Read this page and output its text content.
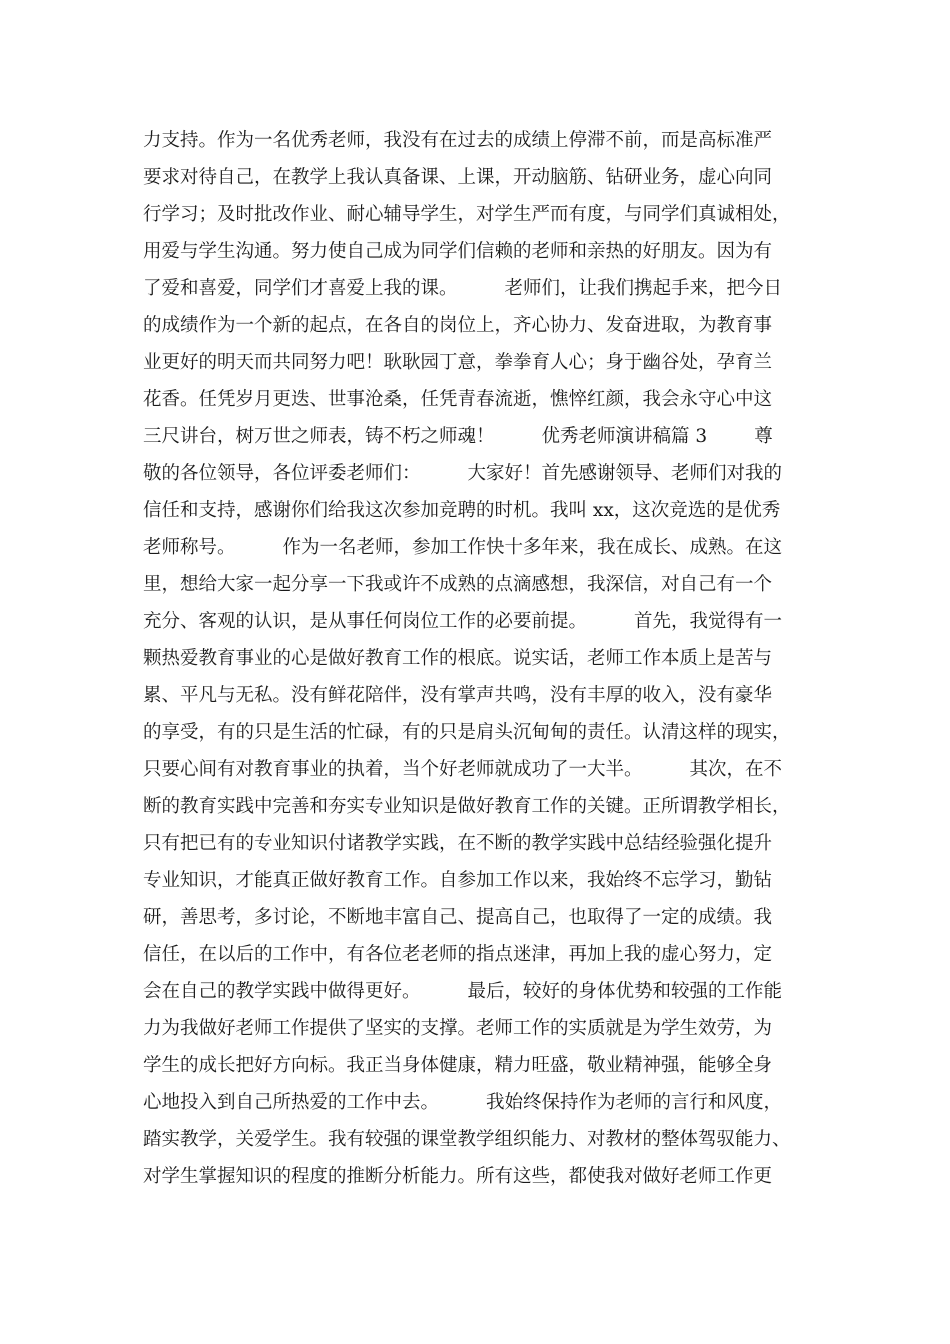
力支持。作为一名优秀老师，我没有在过去的成绩上停滞不前，而是高标准严
要求对待自己，在教学上我认真备课、上课，开动脑筋、钻研业务，虚心向同
行学习；及时批改作业、耐心辅导学生，对学生严而有度，与同学们真诚相处，
用爱与学生沟通。努力使自己成为同学们信赖的老师和亲热的好朋友。因为有
了爱和喜爱，同学们才喜爱上我的课。        老师们，让我们携起手来，把今日
的成绩作为一个新的起点，在各自的岗位上，齐心协力、发奋进取，为教育事
业更好的明天而共同努力吧！耿耿园丁意，拳拳育人心；身于幽谷处，孕育兰
花香。任凭岁月更迭、世事沧桑，任凭青春流逝，憔悴红颜，我会永守心中这
三尺讲台，树万世之师表，铸不朽之师魂！        优秀老师演讲稿篇 3        尊
敬的各位领导，各位评委老师们：        大家好！首先感谢领导、老师们对我的
信任和支持，感谢你们给我这次参加竞聘的时机。我叫 xx，这次竞选的是优秀
老师称号。        作为一名老师，参加工作快十多年来，我在成长、成熟。在这
里，想给大家一起分享一下我或许不成熟的点滴感想，我深信，对自己有一个
充分、客观的认识，是从事任何岗位工作的必要前提。        首先，我觉得有一
颗热爱教育事业的心是做好教育工作的根底。说实话，老师工作本质上是苦与
累、平凡与无私。没有鲜花陪伴，没有掌声共鸣，没有丰厚的收入，没有豪华
的享受，有的只是生活的忙碌，有的只是肩头沉甸甸的责任。认清这样的现实，
只要心间有对教育事业的执着，当个好老师就成功了一大半。        其次，在不
断的教育实践中完善和夯实专业知识是做好教育工作的关键。正所谓教学相长，
只有把已有的专业知识付诸教学实践，在不断的教学实践中总结经验强化提升
专业知识，才能真正做好教育工作。自参加工作以来，我始终不忘学习，勤钻
研，善思考，多讨论，不断地丰富自己、提高自己，也取得了一定的成绩。我
信任，在以后的工作中，有各位老老师的指点迷津，再加上我的虚心努力，定
会在自己的教学实践中做得更好。        最后，较好的身体优势和较强的工作能
力为我做好老师工作提供了坚实的支撑。老师工作的实质就是为学生效劳，为
学生的成长把好方向标。我正当身体健康，精力旺盛，敬业精神强，能够全身
心地投入到自己所热爱的工作中去。        我始终保持作为老师的言行和风度，
踏实教学，关爱学生。我有较强的课堂教学组织能力、对教材的整体驾驭能力、
对学生掌握知识的程度的推断分析能力。所有这些，都使我对做好老师工作更
